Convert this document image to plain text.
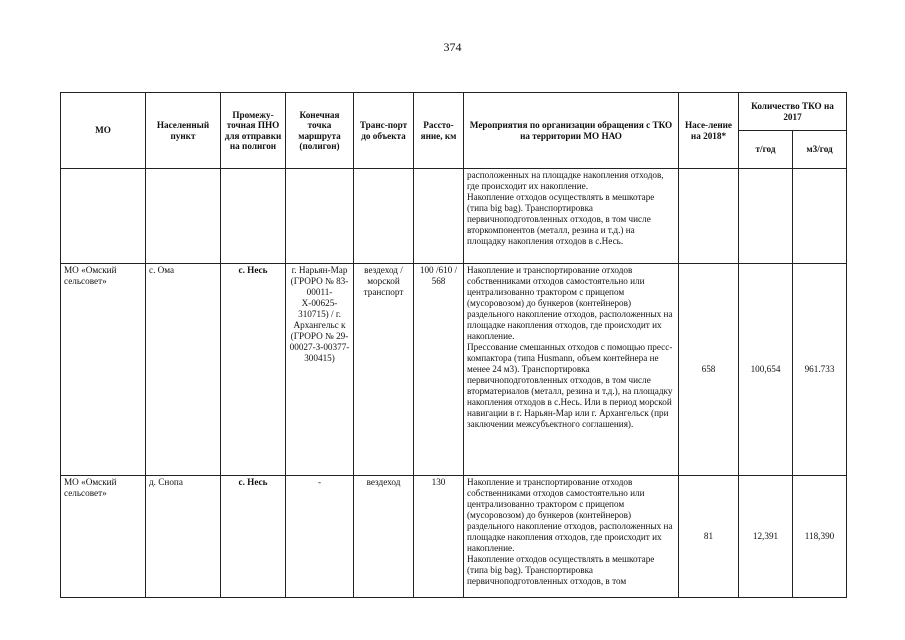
374
МО	Населенный пункт	Промежу-точная ПНО для отправки на полигон	Конечная точка маршрута (полигон)	Транс-порт до объекта	Рассто-яние, км	Мероприятия по организации обращения с ТКО на территории МО НАО	Насе-ление на 2018*	Количество ТКО на 2017	
								т/год	м3/год
						расположенных на площадке накопления отходов, где происходит их накопление.
Накопление отходов осуществлять в мешкотаре (типа big bag). Транспортировка первичноподготовленных отходов, в том числе вторкомпонентов (металл, резина и т.д.) на площадку накопления отходов в с.Несь.			
МО «Омский сельсовет»	с. Ома	с. Несь	г. Нарьян-Мар (ГРОРО № 83-00011-Х-00625-310715) / г. Архангельс к (ГРОРО № 29-00027-З-00377-300415)	вездеход / морской транспорт	100 /610 / 568	Накопление и транспортирование отходов собственниками отходов самостоятельно или централизованно трактором с прицепом (мусоровозом) до бункеров (контейнеров) раздельного накопление отходов, расположенных на площадке накопления отходов, где происходит их накопление.
Прессование смешанных отходов с помощью пресс-компактора (типа Husmann, объем контейнера не менее 24 м3). Транспортировка первичноподготовленных отходов, в том числе вторматериалов (металл, резина и т.д.), на площадку накопления отходов в с.Несь. Или в период морской навигации в г. Нарьян-Мар или г. Архангельск (при заключении межсубъектного соглашения).	658	100,654	961.733
МО «Омский сельсовет»	д. Снопа	с. Несь	-	вездеход	130	Накопление и транспортирование отходов собственниками отходов самостоятельно или централизованно трактором с прицепом (мусоровозом) до бункеров (контейнеров) раздельного накопление отходов, расположенных на площадке накопления отходов, где происходит их накопление.
Накопление отходов осуществлять в мешкотаре (типа big bag). Транспортировка первичноподготовленных отходов, в том	81	12,391	118,390
